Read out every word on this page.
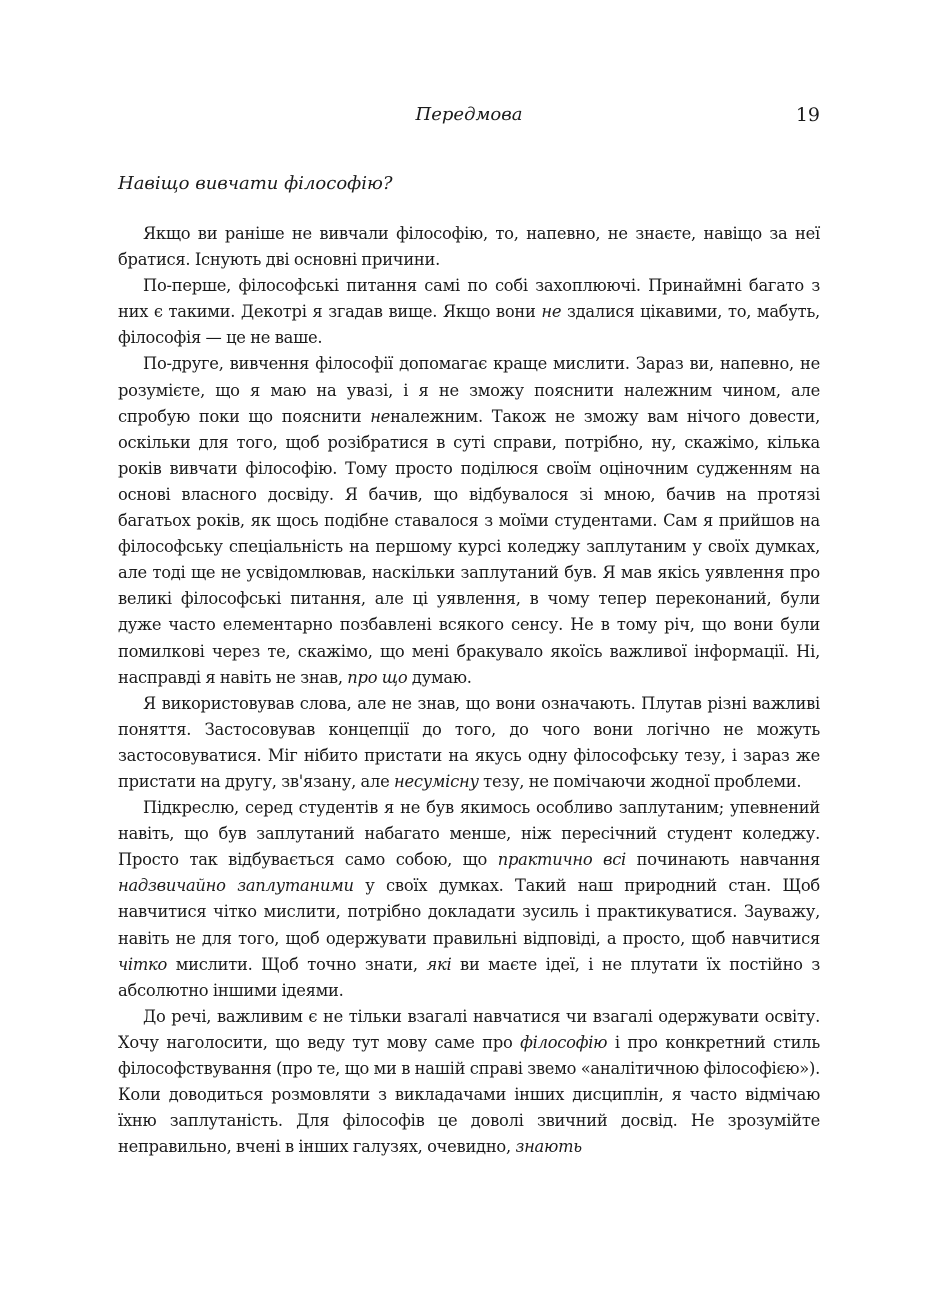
Передмова	19
Навіщо вивчати філософію?

Якщо ви раніше не вивчали філософію, то, напевно, не знаєте, навіщо за неї братися. Існують дві основні причини.

По-перше, філософські питання самі по собі захоплюючі. Принаймні багато з них є такими. Декотрі я згадав вище. Якщо вони не здалися цікавими, то, мабуть, філософія — це не ваше.

По-друге, вивчення філософії допомагає краще мислити. Зараз ви, напевно, не розумієте, що я маю на увазі, і я не зможу пояснити належним чином, але спробую поки що пояснити неналежним. Також не зможу вам нічого довести, оскільки для того, щоб розібратися в суті справи, потрібно, ну, скажімо, кілька років вивчати філософію. Тому просто поділюся своїм оціночним судженням на основі власного досвіду. Я бачив, що відбувалося зі мною, бачив на протязі багатьох років, як щось подібне ставалося з моїми студентами. Сам я прийшов на філософську спеціальність на першому курсі коледжу заплутаним у своїх думках, але тоді ще не усвідомлював, наскільки заплутаний був. Я мав якісь уявлення про великі філософські питання, але ці уявлення, в чому тепер переконаний, були дуже часто елементарно позбавлені всякого сенсу. Не в тому річ, що вони були помилкові через те, скажімо, що мені бракувало якоїсь важливої інформації. Ні, насправді я навіть не знав, про що думаю.

Я використовував слова, але не знав, що вони означають. Плутав різні важливі поняття. Застосовував концепції до того, до чого вони логічно не можуть застосовуватися. Міг нібито пристати на якусь одну філософську тезу, і зараз же пристати на другу, зв'язану, але несумісну тезу, не помічаючи жодної проблеми.

Підкреслю, серед студентів я не був якимось особливо заплутаним; упевнений навіть, що був заплутаний набагато менше, ніж пересічний студент коледжу. Просто так відбувається само собою, що практично всі починають навчання надзвичайно заплутаними у своїх думках. Такий наш природний стан. Щоб навчитися чітко мислити, потрібно докладати зусиль і практикуватися. Зауважу, навіть не для того, щоб одержувати правильні відповіді, а просто, щоб навчитися чітко мислити. Щоб точно знати, які ви маєте ідеї, і не плутати їх постійно з абсолютно іншими ідеями.

До речі, важливим є не тільки взагалі навчатися чи взагалі одержувати освіту. Хочу наголосити, що веду тут мову саме про філософію і про конкретний стиль філософствування (про те, що ми в нашій справі звемо «аналітичною філософією»). Коли доводиться розмовляти з викладачами інших дисциплін, я часто відмічаю їхню заплутаність. Для філософів це доволі звичний досвід. Не зрозумійте неправильно, вчені в інших галузях, очевидно, знають
